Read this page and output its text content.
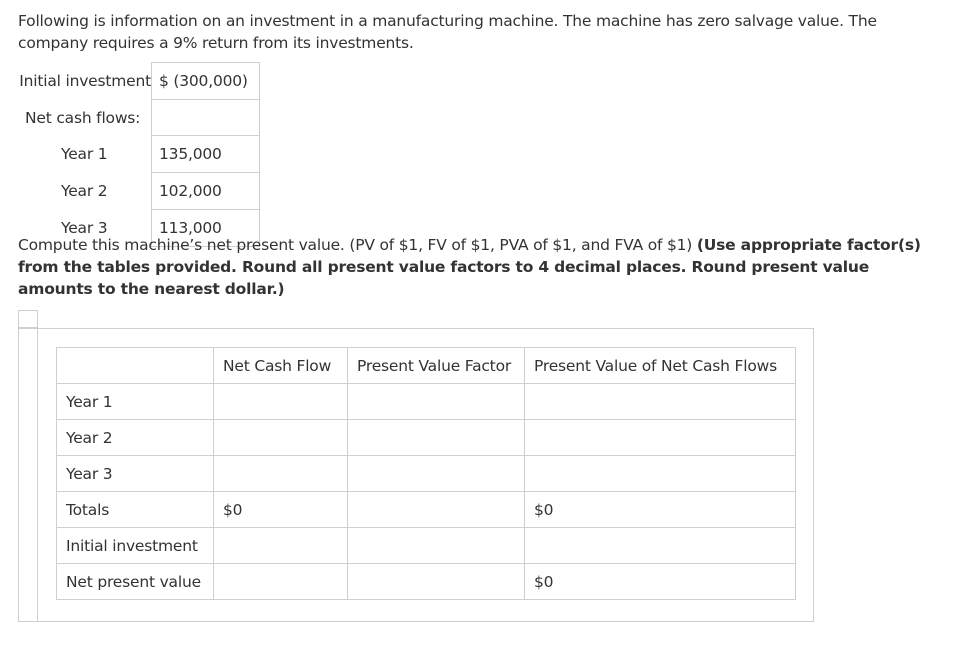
Following is information on an investment in a manufacturing machine. The machine has zero salvage value. The company requires a 9% return from its investments.
Initial investment	$ (300,000)
Net cash flows:	
Year 1	135,000
Year 2	102,000
Year 3	113,000
Compute this machine’s net present value. (PV of $1, FV of $1, PVA of $1, and FVA of $1) (Use appropriate factor(s) from the tables provided. Round all present value factors to 4 decimal places. Round present value amounts to the nearest dollar.)
	Net Cash Flow	Present Value Factor	Present Value of Net Cash Flows
Year 1			
Year 2			
Year 3			
Totals	$0		$0
Initial investment			
Net present value			$0
